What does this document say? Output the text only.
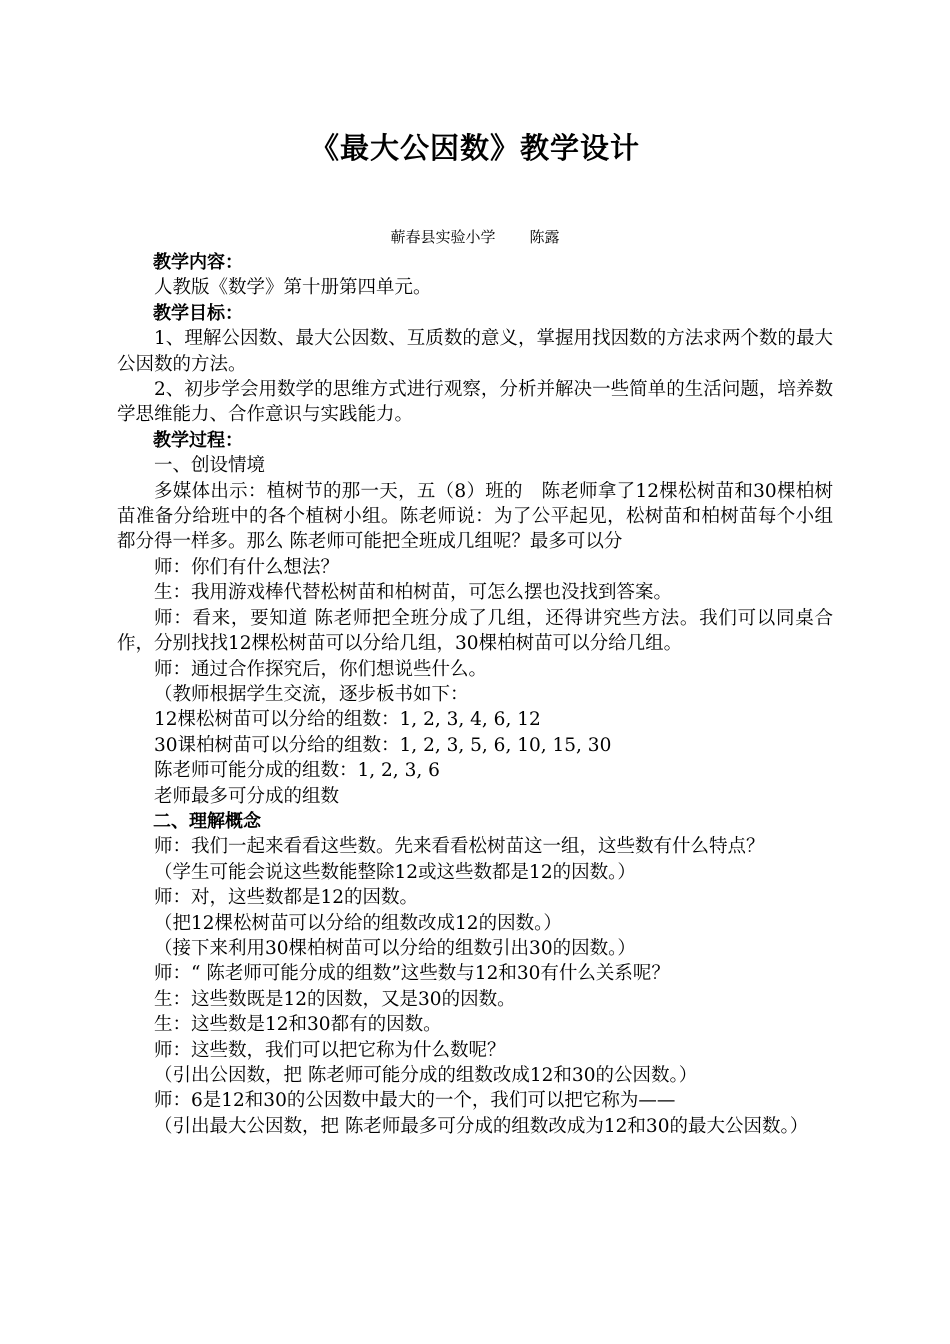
《最大公因数》教学设计
蕲春县实验小学 陈露

教学内容：

人教版《数学》第十册第四单元。

教学目标：

1、理解公因数、最大公因数、互质数的意义，掌握用找因数的方法求两个数的最大公因数的方法。

2、初步学会用数学的思维方式进行观察，分析并解决一些简单的生活问题，培养数学思维能力、合作意识与实践能力。

教学过程：

一、创设情境

多媒体出示：植树节的那一天，五（8）班的　陈老师拿了12棵松树苗和30棵柏树苗准备分给班中的各个植树小组。陈老师说：为了公平起见，松树苗和柏树苗每个小组都分得一样多。那么 陈老师可能把全班成几组呢？最多可以分

师：你们有什么想法？

生：我用游戏棒代替松树苗和柏树苗，可怎么摆也没找到答案。

师：看来，要知道 陈老师把全班分成了几组，还得讲究些方法。我们可以同桌合作，分别找找12棵松树苗可以分给几组，30棵柏树苗可以分给几组。

师：通过合作探究后，你们想说些什么。

（教师根据学生交流，逐步板书如下：

12棵松树苗可以分给的组数：1, 2, 3, 4, 6, 12

30课柏树苗可以分给的组数：1, 2, 3, 5, 6, 10, 15, 30

陈老师可能分成的组数：1, 2, 3, 6

老师最多可分成的组数

二、理解概念

师：我们一起来看看这些数。先来看看松树苗这一组，这些数有什么特点？

（学生可能会说这些数能整除12或这些数都是12的因数。）

师：对，这些数都是12的因数。

（把12棵松树苗可以分给的组数改成12的因数。）

（接下来利用30棵柏树苗可以分给的组数引出30的因数。）

师：“ 陈老师可能分成的组数”这些数与12和30有什么关系呢？

生：这些数既是12的因数，又是30的因数。

生：这些数是12和30都有的因数。

师：这些数，我们可以把它称为什么数呢？

（引出公因数，把 陈老师可能分成的组数改成12和30的公因数。）

师：6是12和30的公因数中最大的一个，我们可以把它称为——

（引出最大公因数，把 陈老师最多可分成的组数改成为12和30的最大公因数。）
